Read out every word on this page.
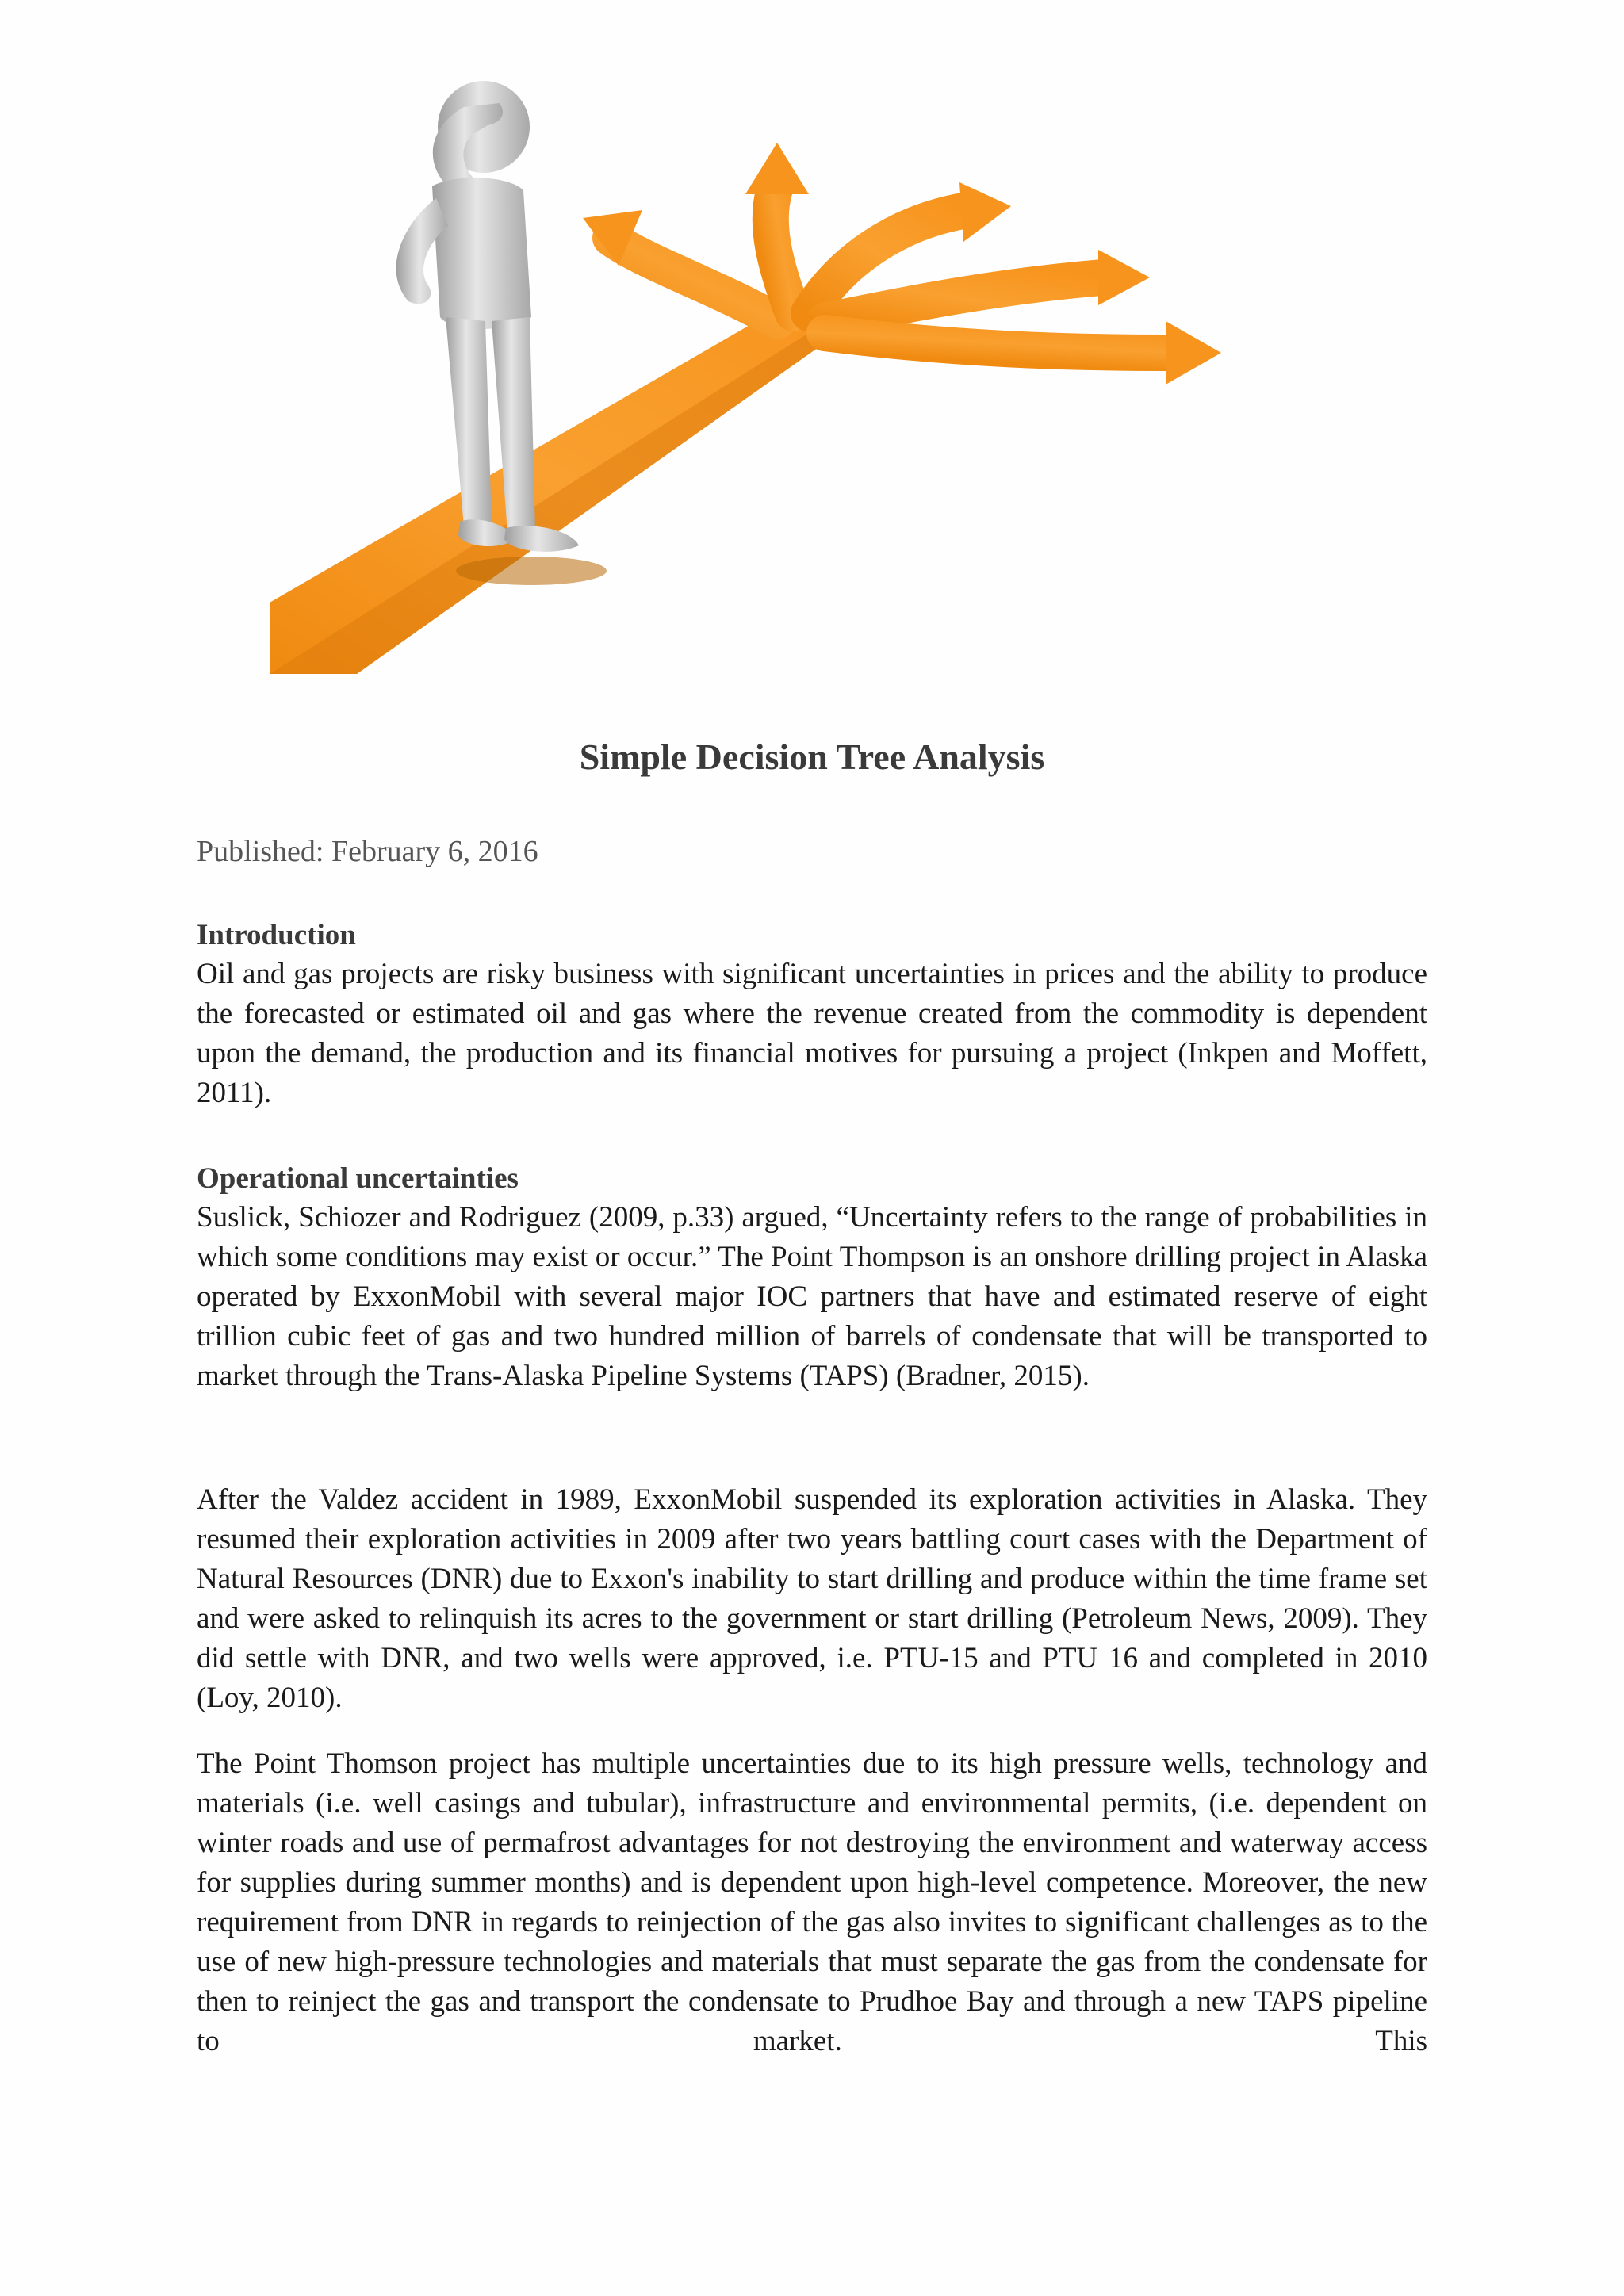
Simple Decision Tree Analysis
Published: February 6, 2016
Introduction
Oil and gas projects are risky business with significant uncertainties in prices and the ability to produce the forecasted or estimated oil and gas where the revenue created from the commodity is dependent upon the demand, the production and its financial motives for pursuing a project (Inkpen and Moffett, 2011).
Operational uncertainties
Suslick, Schiozer and Rodriguez (2009, p.33) argued, “Uncertainty refers to the range of probabilities in which some conditions may exist or occur.” The Point Thompson is an onshore drilling project in Alaska operated by ExxonMobil with several major IOC partners that have and estimated reserve of eight trillion cubic feet of gas and two hundred million of barrels of condensate that will be transported to market through the Trans-Alaska Pipeline Systems (TAPS) (Bradner, 2015).
After the Valdez accident in 1989, ExxonMobil suspended its exploration activities in Alaska. They resumed their exploration activities in 2009 after two years battling court cases with the Department of Natural Resources (DNR) due to Exxon's inability to start drilling and produce within the time frame set and were asked to relinquish its acres to the government or start drilling (Petroleum News, 2009). They did settle with DNR, and two wells were approved, i.e. PTU-15 and PTU 16 and completed in 2010 (Loy, 2010).
The Point Thomson project has multiple uncertainties due to its high pressure wells, technology and materials (i.e. well casings and tubular), infrastructure and environmental permits, (i.e. dependent on winter roads and use of permafrost advantages for not destroying the environment and waterway access for supplies during summer months) and is dependent upon high-level competence. Moreover, the new requirement from DNR in regards to reinjection of the gas also invites to significant challenges as to the use of new high-pressure technologies and materials that must separate the gas from the condensate for then to reinject the gas and transport the condensate to Prudhoe Bay and through a new TAPS pipeline to market. This
